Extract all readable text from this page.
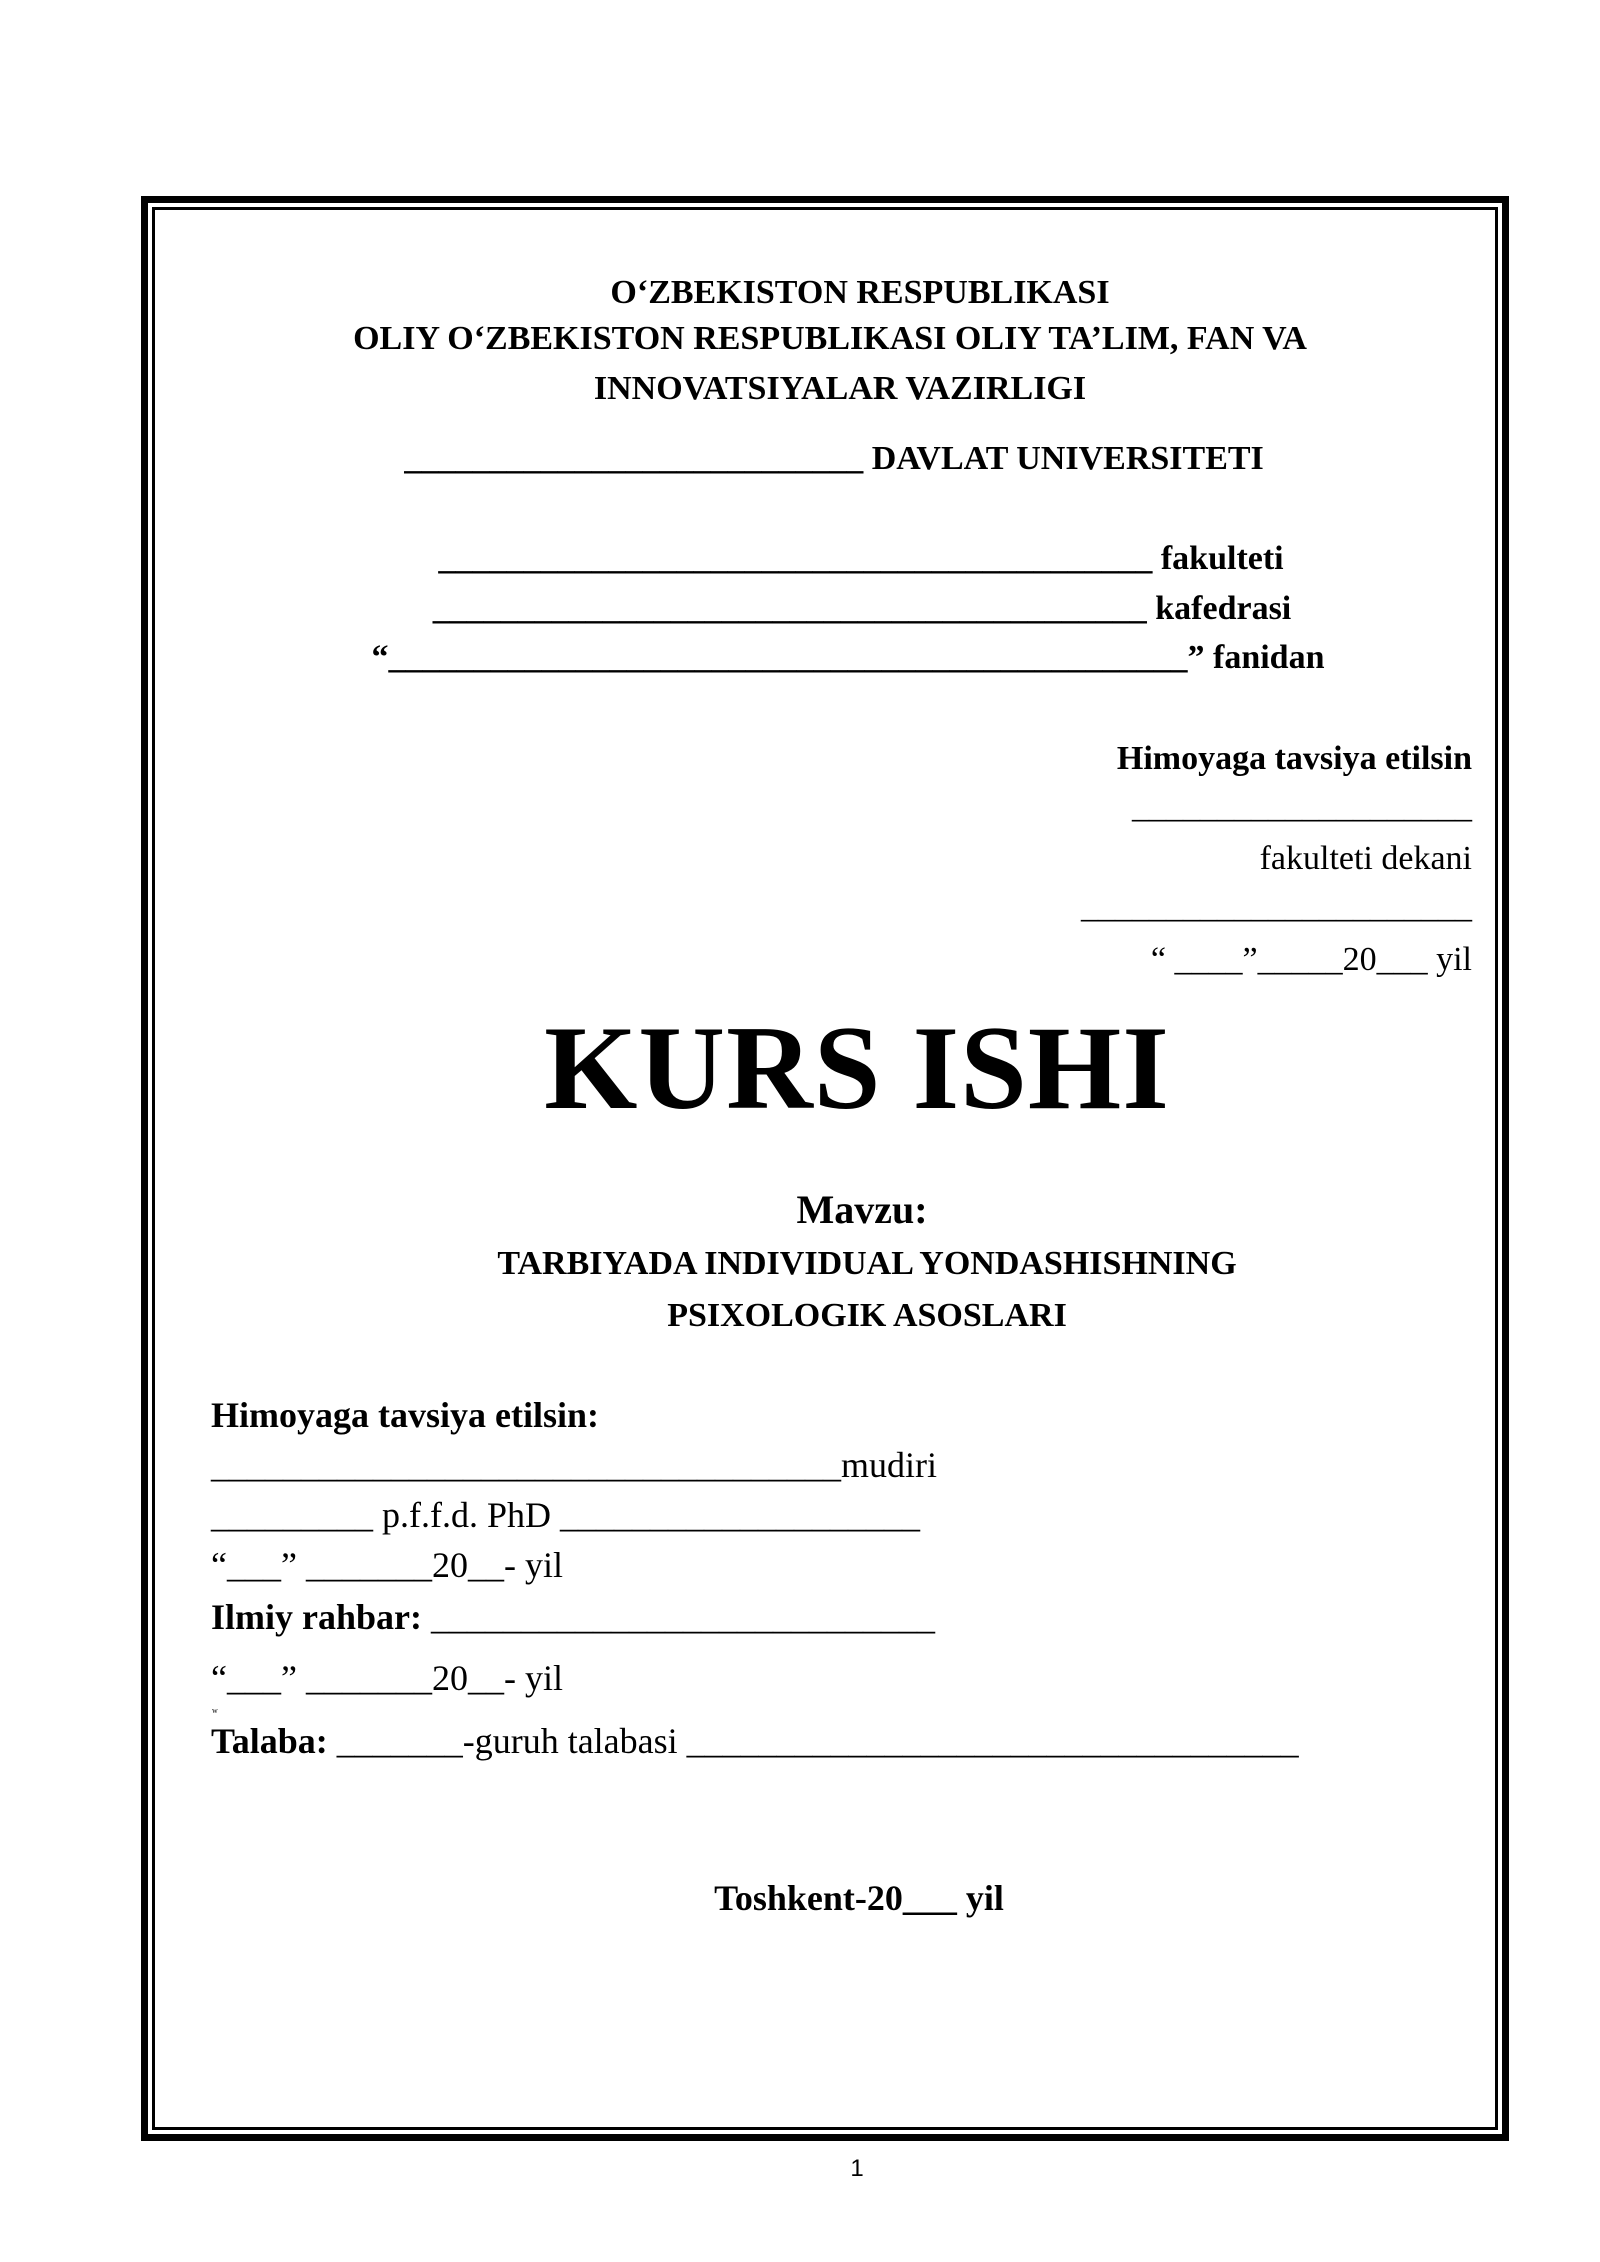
O‘ZBEKISTON RESPUBLIKASI
OLIY O‘ZBEKISTON RESPUBLIKASI OLIY TA’LIM, FAN VA
INNOVATSIYALAR VAZIRLIGI
___________________________ DAVLAT UNIVERSITETI
__________________________________________ fakulteti
__________________________________________ kafedrasi
“_______________________________________________” fanidan
Himoyaga tavsiya etilsin
____________________
fakulteti dekani
_______________________
“ ____”_____20___ yil
KURS ISHI
Mavzu:
TARBIYADA INDIVIDUAL YONDASHISHNING
PSIXOLOGIK ASOSLARI
Himoyaga tavsiya etilsin:
___________________________________mudiri
_________ p.f.f.d. PhD ____________________
“___” _______20__- yil
Ilmiy rahbar: ____________________________
“___” _______20__- yil
w
Talaba: _______-guruh talabasi __________________________________
Toshkent-20___ yil
1
